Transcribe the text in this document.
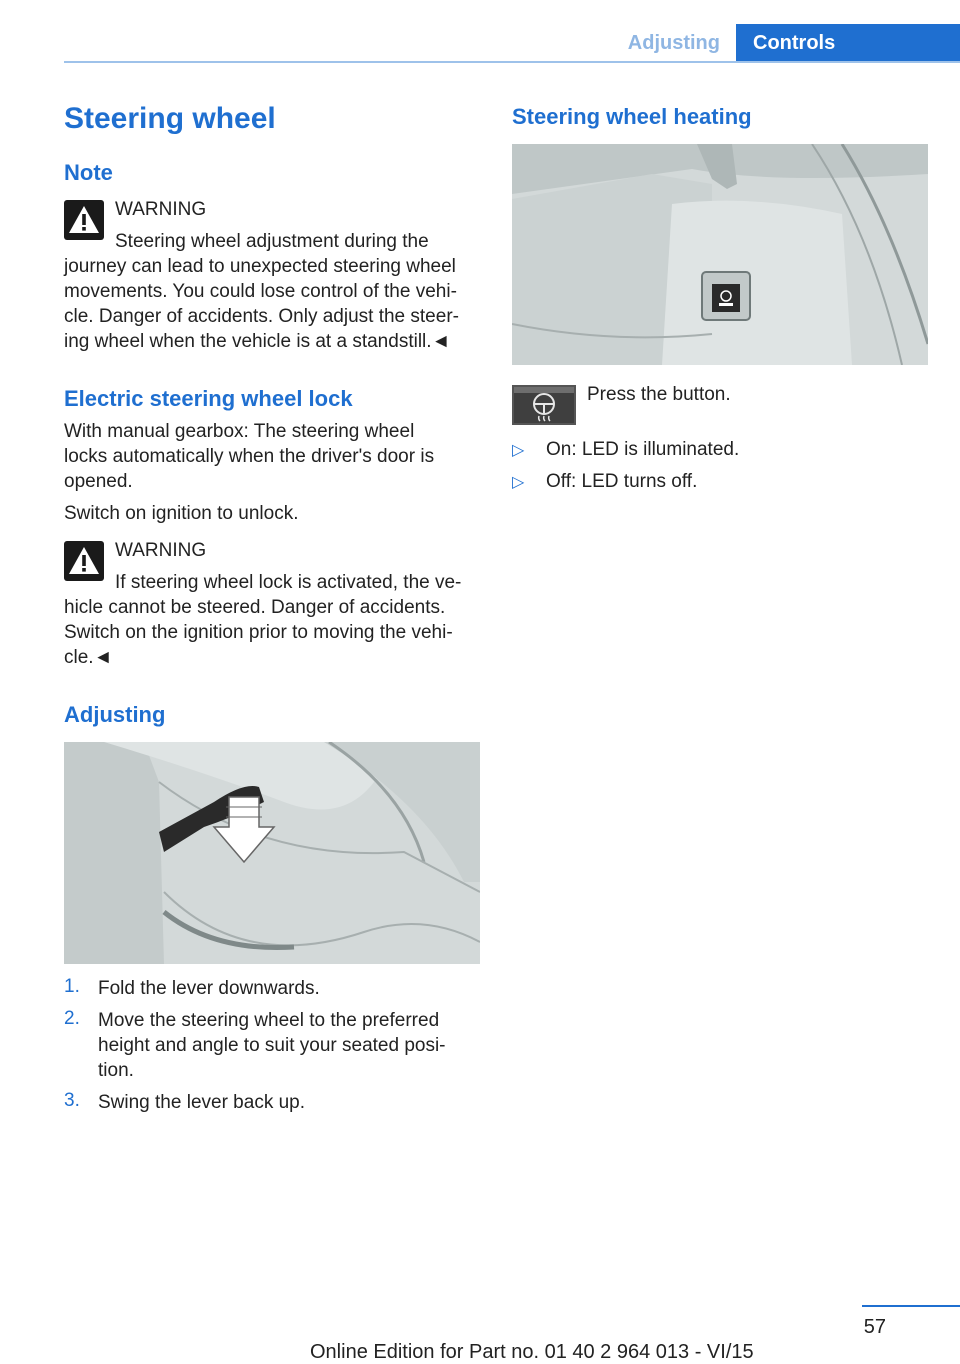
Adjusting	Controls
Steering wheel
Note
WARNING
Steering wheel adjustment during the
journey can lead to unexpected steering wheel
movements. You could lose control of the vehi‐
cle. Danger of accidents. Only adjust the steer‐
ing wheel when the vehicle is at a standstill.◄
Electric steering wheel lock
With manual gearbox: The steering wheel
locks automatically when the driver's door is
opened.
Switch on ignition to unlock.
WARNING
If steering wheel lock is activated, the ve‐
hicle cannot be steered. Danger of accidents.
Switch on the ignition prior to moving the vehi‐
cle.◄
Adjusting
1. Fold the lever downwards.
2. Move the steering wheel to the preferred
height and angle to suit your seated posi‐
tion.
3. Swing the lever back up.
Steering wheel heating
Press the button.
▷ On: LED is illuminated.
▷ Off: LED turns off.
57
Online Edition for Part no. 01 40 2 964 013 - VI/15
